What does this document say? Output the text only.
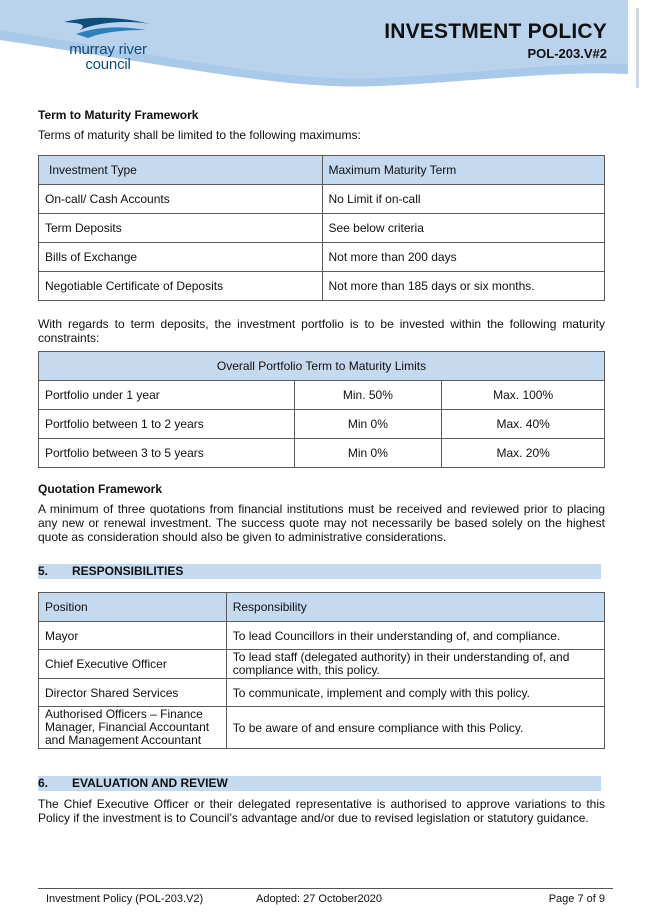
murray river
council
INVESTMENT POLICY
POL-203.V#2
Term to Maturity Framework

Terms of maturity shall be limited to the following maximums:

Investment Type	Maximum Maturity Term
On-call/ Cash Accounts	No Limit if on-call
Term Deposits	See below criteria
Bills of Exchange	Not more than 200 days
Negotiable Certificate of Deposits	Not more than 185 days or six months.

With regards to term deposits, the investment portfolio is to be invested within the following maturity constraints:

Overall Portfolio Term to Maturity Limits		
Portfolio under 1 year	Min. 50%	Max. 100%
Portfolio between 1 to 2 years	Min 0%	Max. 40%
Portfolio between 3 to 5 years	Min 0%	Max. 20%
Quotation Framework

A minimum of three quotations from financial institutions must be received and reviewed prior to placing any new or renewal investment. The success quote may not necessarily be based solely on the highest quote as consideration should also be given to administrative considerations.

5. RESPONSIBILITIES
Position	Responsibility
Mayor	To lead Councillors in their understanding of, and compliance.
Chief Executive Officer	To lead staff (delegated authority) in their understanding of, and compliance with, this policy.
Director Shared Services	To communicate, implement and comply with this policy.
Authorised Officers – Finance Manager, Financial Accountant and Management Accountant	To be aware of and ensure compliance with this Policy.
6. EVALUATION AND REVIEW

The Chief Executive Officer or their delegated representative is authorised to approve variations to this Policy if the investment is to Council’s advantage and/or due to revised legislation or statutory guidance.

Investment Policy (POL-203.V2)	Adopted: 27 October2020	Page 7 of 9
